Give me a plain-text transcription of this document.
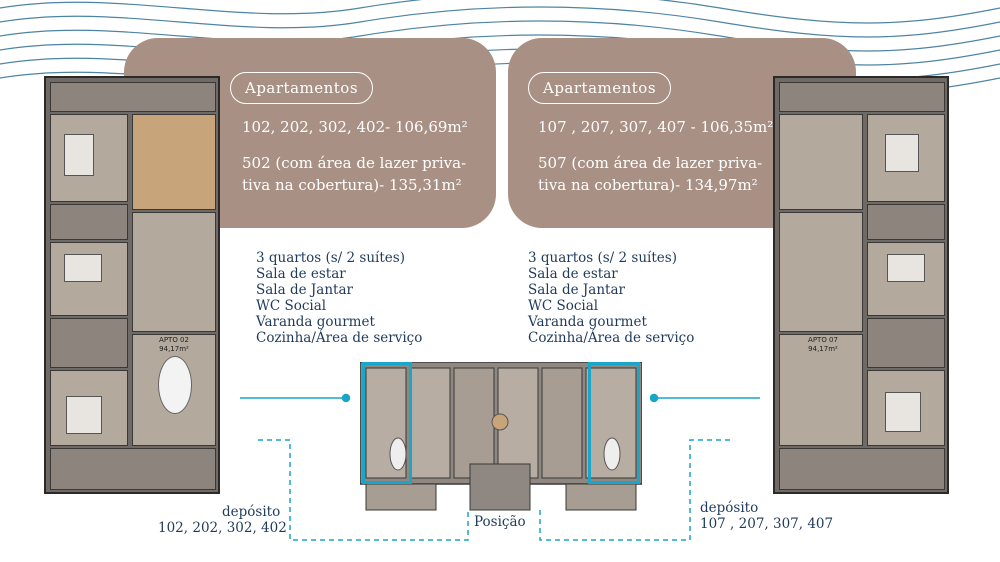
Apartamentos
102, 202, 302, 402- 106,69m²
502 (com área de lazer priva-
tiva na cobertura)- 135,31m²
Apartamentos
107 , 207, 307, 407 - 106,35m²
507 (com área de lazer priva-
tiva na cobertura)- 134,97m²
APTO 02
94,17m²
APTO 07
94,17m²
3 quartos (s/ 2 suítes)
Sala de estar
Sala de Jantar
WC Social
Varanda gourmet
Cozinha/Área de serviço
3 quartos (s/ 2 suítes)
Sala de estar
Sala de Jantar
WC Social
Varanda gourmet
Cozinha/Área de serviço
depósito
102, 202, 302, 402
depósito
107 , 207, 307, 407
Posição
